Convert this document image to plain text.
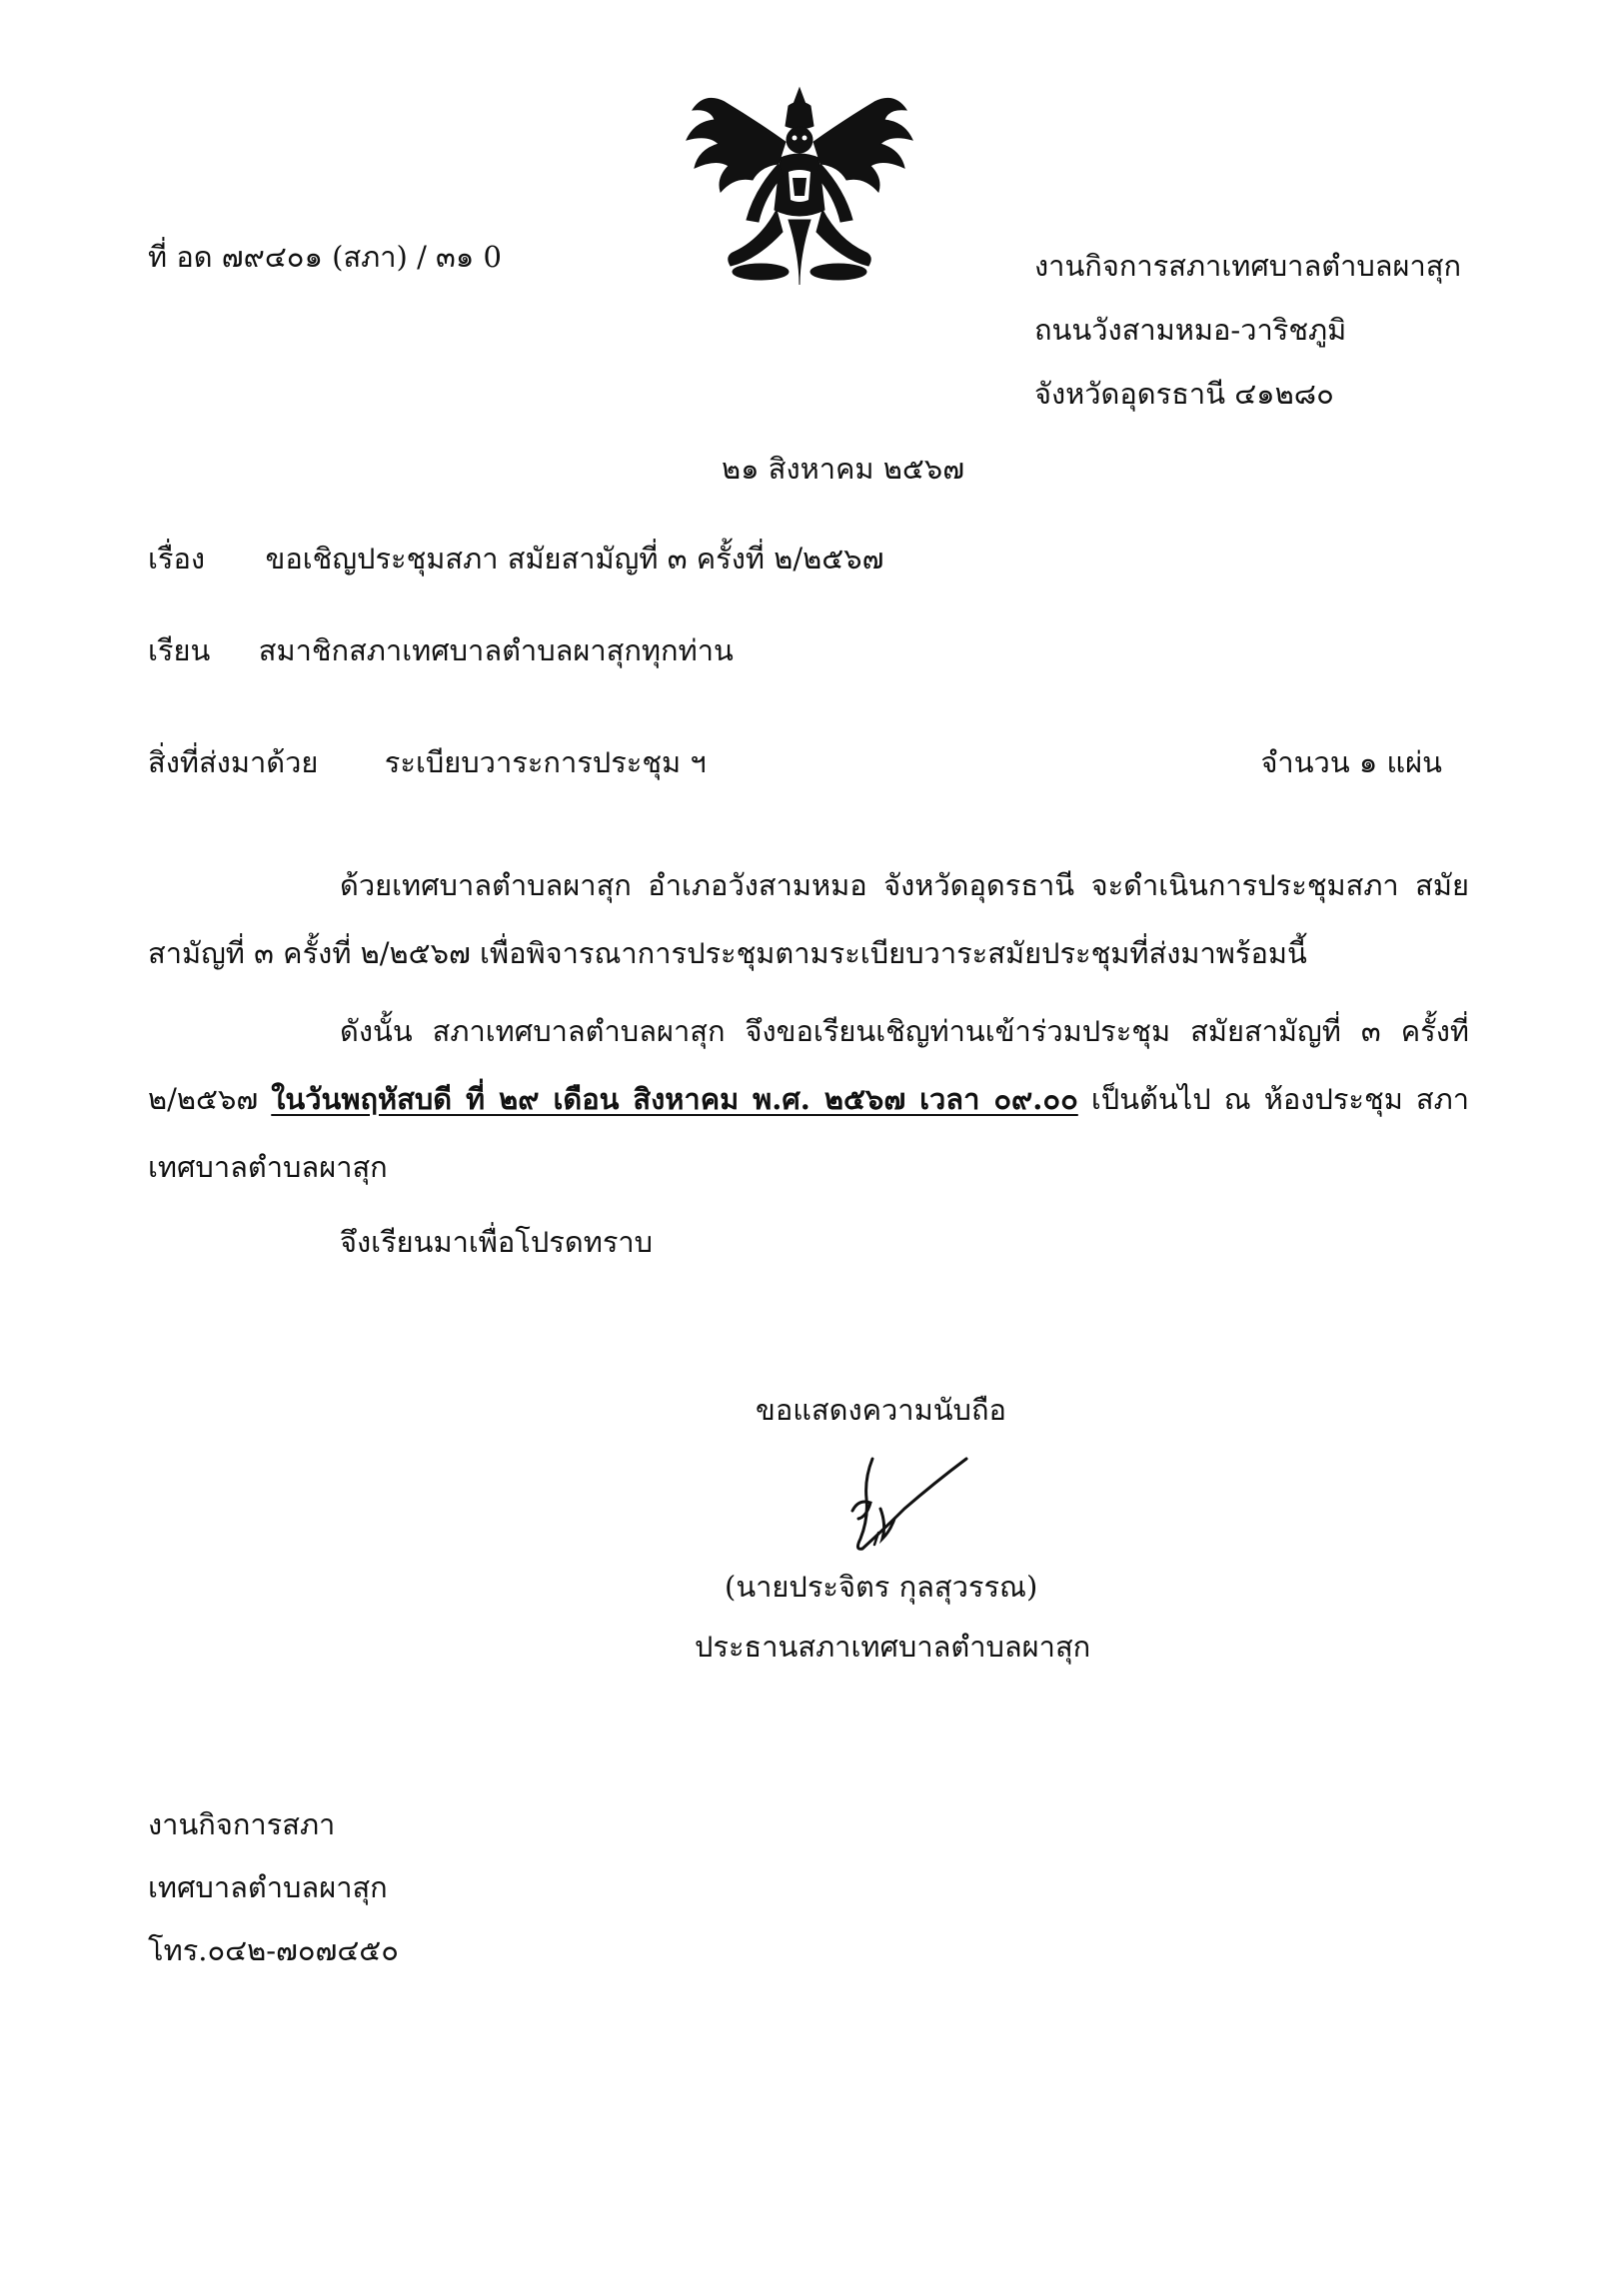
ที่ อด ๗๙๔๐๑ (สภา) / ๓๑ 0	งานกิจการสภาเทศบาลตำบลผาสุก
ถนนวังสามหมอ-วาริชภูมิ
จังหวัดอุดรธานี ๔๑๒๘๐
๒๑ สิงหาคม ๒๕๖๗
เรื่อง ขอเชิญประชุมสภา สมัยสามัญที่ ๓ ครั้งที่ ๒/๒๕๖๗
เรียน สมาชิกสภาเทศบาลตำบลผาสุกทุกท่าน
สิ่งที่ส่งมาด้วย ระเบียบวาระการประชุม ฯ	จำนวน ๑ แผ่น
ด้วยเทศบาลตำบลผาสุก อำเภอวังสามหมอ จังหวัดอุดรธานี จะดำเนินการประชุมสภา สมัยสามัญที่ ๓ ครั้งที่ ๒/๒๕๖๗ เพื่อพิจารณาการประชุมตามระเบียบวาระสมัยประชุมที่ส่งมาพร้อมนี้
ดังนั้น สภาเทศบาลตำบลผาสุก จึงขอเรียนเชิญท่านเข้าร่วมประชุม สมัยสามัญที่ ๓ ครั้งที่ ๒/๒๕๖๗ ในวันพฤหัสบดี ที่ ๒๙ เดือน สิงหาคม พ.ศ. ๒๕๖๗ เวลา ๐๙.๐๐ เป็นต้นไป ณ ห้องประชุม สภาเทศบาลตำบลผาสุก
จึงเรียนมาเพื่อโปรดทราบ
ขอแสดงความนับถือ
(นายประจิตร กุลสุวรรณ)
ประธานสภาเทศบาลตำบลผาสุก
งานกิจการสภา
เทศบาลตำบลผาสุก
โทร.๐๔๒-๗๐๗๔๕๐
